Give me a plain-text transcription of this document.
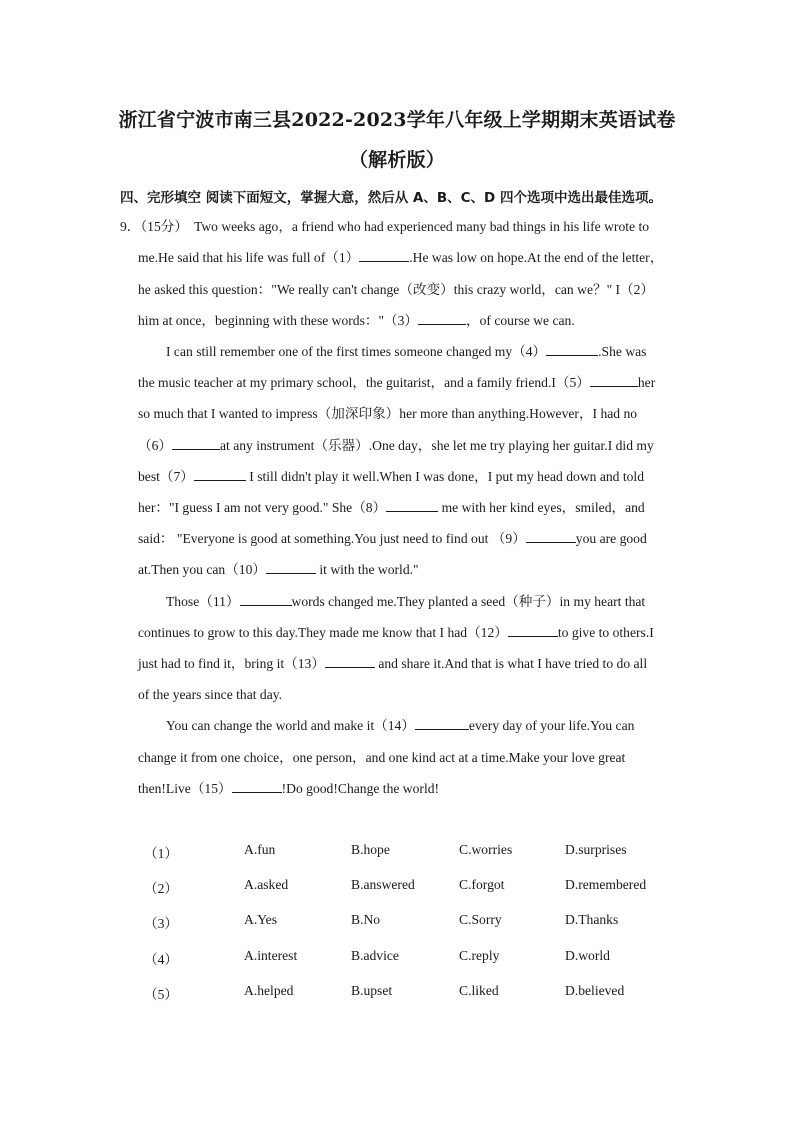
浙江省宁波市南三县2022-2023学年八年级上学期期末英语试卷
（解析版）
四、完形填空 阅读下面短文，掌握大意，然后从 A、B、C、D 四个选项中选出最佳选项。
9．（15分） Two weeks ago，a friend who had experienced many bad things in his life wrote to
me.He said that his life was full of（1）	.He was low on hope.At the end of the letter，
he asked this question："We really can't change（改变）this crazy world，can we？" I（2）
him at once，beginning with these words："（3）	，of course we can.
I can still remember one of the first times someone changed my（4）	.She was
the music teacher at my primary school，the guitarist，and a family friend.I（5）	her
so much that I wanted to impress（加深印象）her more than anything.However，I had no
（6）	at any instrument（乐器）.One day，she let me try playing her guitar.I did my
best（7）	I still didn't play it well.When I was done，I put my head down and told
her："I guess I am not very good." She（8）	me with her kind eyes，smiled，and
said： "Everyone is good at something.You just need to find out （9）	you are good
at.Then you can（10）	it with the world."
Those（11）	words changed me.They planted a seed（种子）in my heart that
continues to grow to this day.They made me know that I had（12）	to give to others.I
just had to find it，bring it（13）	and share it.And that is what I have tried to do all
of the years since that day.
You can change the world and make it（14）	every day of your life.You can
change it from one choice，one person，and one kind act at a time.Make your love great
then!Live（15）	!Do good!Change the world!
（1）	A.fun	B.hope	C.worries	D.surprises
（2）	A.asked	B.answered	C.forgot	D.remembered
（3）	A.Yes	B.No	C.Sorry	D.Thanks
（4）	A.interest	B.advice	C.reply	D.world
（5）	A.helped	B.upset	C.liked	D.believed
